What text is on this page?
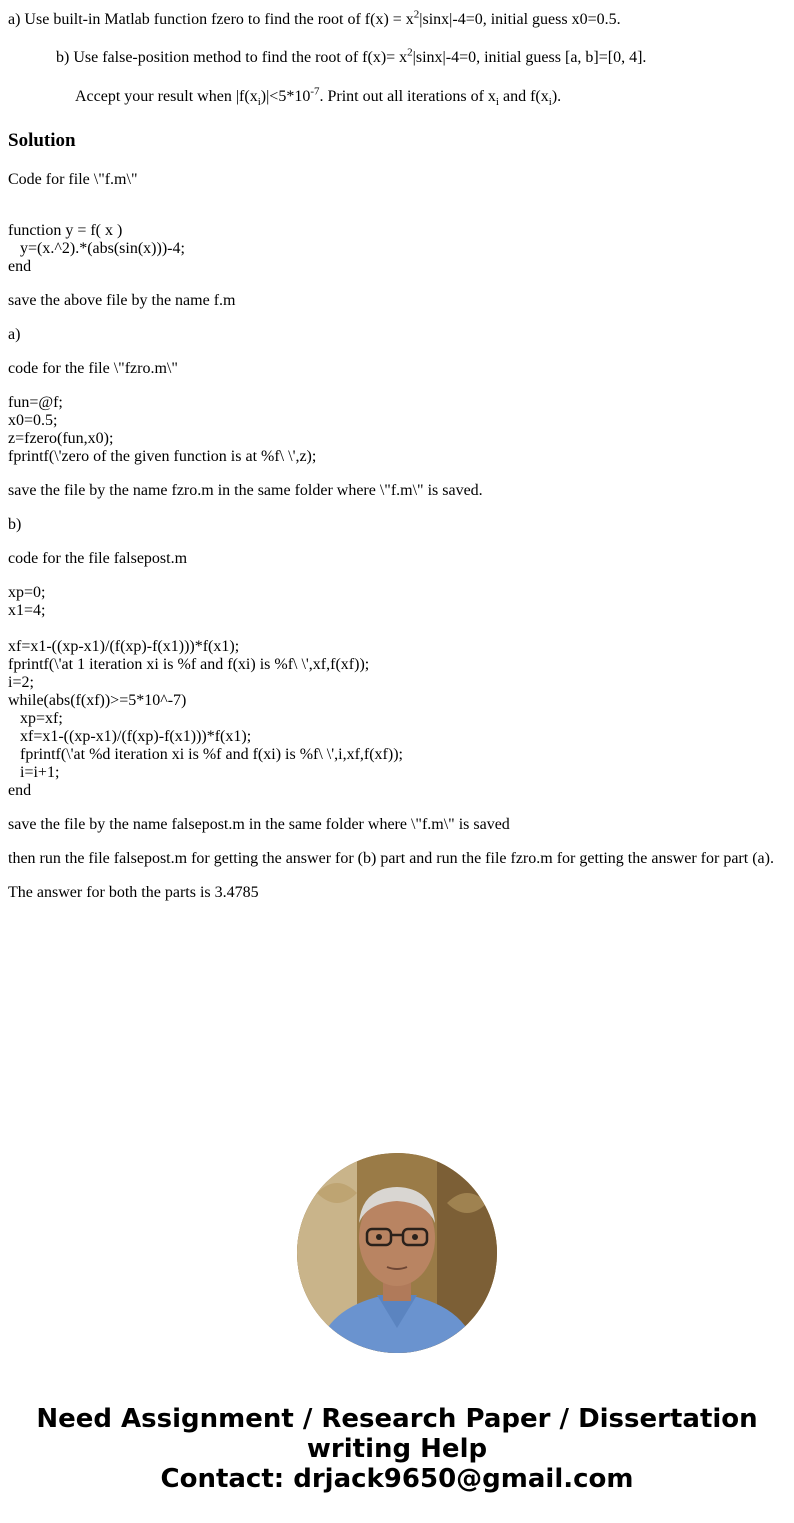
a) Use built-in Matlab function fzero to find the root of $f(x) = x^2|\sin x|-4=0$, initial guess x0=0.5.

b) Use false-position method to find the root of $f(x)= x^2|\sin x|-4=0$, initial guess [a, b]=[0, 4].

Accept your result when $|f(x_i)|<5*10^{-7}$. Print out all iterations of $x_i$ and $f(x_i)$.

Solution

Code for file \"f.m\"

function y = f( x )
y=(x.^2).*(abs(sin(x)))-4;
end

save the above file by the name f.m

a)

code for the file \"fzro.m\"

fun=@f;
x0=0.5;
z=fzero(fun,x0);
fprintf(\'zero of the given function is at %f\ \',z);

save the file by the name fzro.m in the same folder where \"f.m\" is saved.

b)

code for the file falsepost.m

xp=0;
x1=4;
xf=x1-((xp-x1)/(f(xp)-f(x1)))*f(x1);
fprintf(\'at 1 iteration xi is %f and f(xi) is %f\ \',xf,f(xf));
i=2;
while(abs(f(xf))>=5*10^-7)
xp=xf;
xf=x1-((xp-x1)/(f(xp)-f(x1)))*f(x1);
fprintf(\'at %d iteration xi is %f and f(xi) is %f\ \',i,xf,f(xf));
i=i+1;
end

save the file by the name falsepost.m in the same folder where \"f.m\" is saved

then run the file falsepost.m for getting the answer for (b) part and run the file fzro.m for getting the answer for part (a).

The answer for both the parts is 3.4785

Need Assignment / Research Paper / Dissertation
writing Help
Contact: drjack9650@gmail.com
